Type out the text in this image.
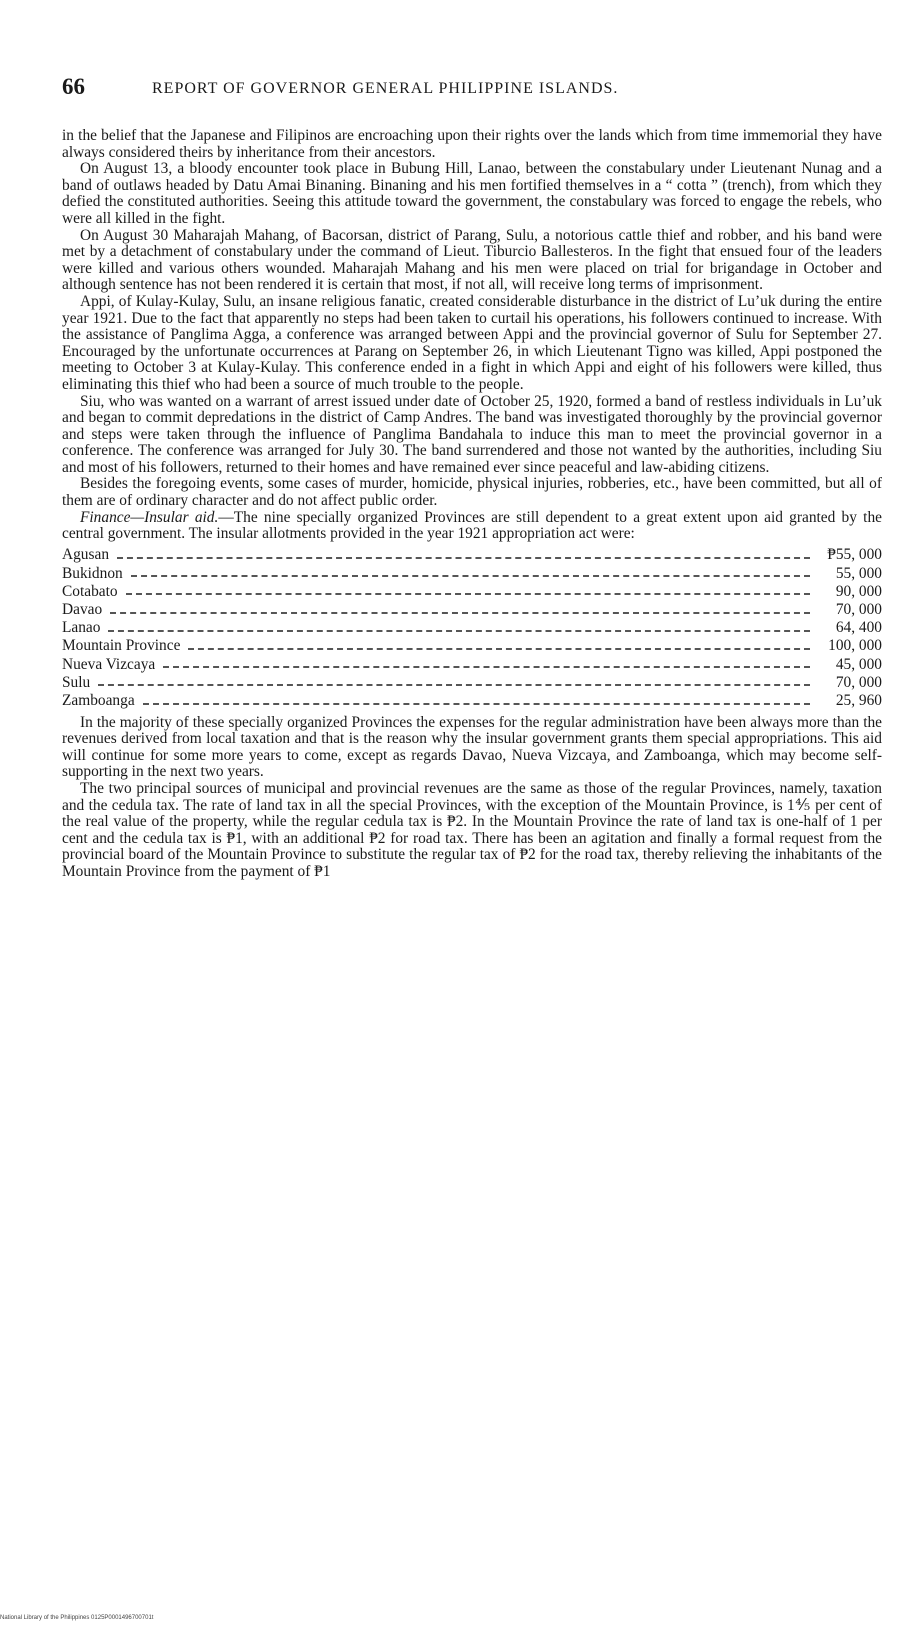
66	REPORT OF GOVERNOR GENERAL PHILIPPINE ISLANDS.

in the belief that the Japanese and Filipinos are encroaching upon their rights over the lands which from time immemorial they have always considered theirs by inheritance from their ancestors.

On August 13, a bloody encounter took place in Bubung Hill, Lanao, between the constabulary under Lieutenant Nunag and a band of outlaws headed by Datu Amai Binaning. Binaning and his men fortified themselves in a “ cotta ” (trench), from which they defied the constituted authorities. Seeing this attitude toward the government, the constabulary was forced to engage the rebels, who were all killed in the fight.

On August 30 Maharajah Mahang, of Bacorsan, district of Parang, Sulu, a notorious cattle thief and robber, and his band were met by a detachment of constabulary under the command of Lieut. Tiburcio Ballesteros. In the fight that ensued four of the leaders were killed and various others wounded. Maharajah Mahang and his men were placed on trial for brigandage in October and although sentence has not been rendered it is certain that most, if not all, will receive long terms of imprisonment.

Appi, of Kulay-Kulay, Sulu, an insane religious fanatic, created considerable disturbance in the district of Lu’uk during the entire year 1921. Due to the fact that apparently no steps had been taken to curtail his operations, his followers continued to increase. With the assistance of Panglima Agga, a conference was arranged between Appi and the provincial governor of Sulu for September 27. Encouraged by the unfortunate occurrences at Parang on September 26, in which Lieutenant Tigno was killed, Appi postponed the meeting to October 3 at Kulay-Kulay. This conference ended in a fight in which Appi and eight of his followers were killed, thus eliminating this thief who had been a source of much trouble to the people.

Siu, who was wanted on a warrant of arrest issued under date of October 25, 1920, formed a band of restless individuals in Lu’uk and began to commit depredations in the district of Camp Andres. The band was investigated thoroughly by the provincial governor and steps were taken through the influence of Panglima Bandahala to induce this man to meet the provincial governor in a conference. The conference was arranged for July 30. The band surrendered and those not wanted by the authorities, including Siu and most of his followers, returned to their homes and have remained ever since peaceful and law-abiding citizens.

Besides the foregoing events, some cases of murder, homicide, physical injuries, robberies, etc., have been committed, but all of them are of ordinary character and do not affect public order.

Finance—Insular aid.—The nine specially organized Provinces are still dependent to a great extent upon aid granted by the central government. The insular allotments provided in the year 1921 appropriation act were:

Agusan	₱55, 000
Bukidnon	55, 000
Cotabato	90, 000
Davao	70, 000
Lanao	64, 400
Mountain Province	100, 000
Nueva Vizcaya	45, 000
Sulu	70, 000
Zamboanga	25, 960

In the majority of these specially organized Provinces the expenses for the regular administration have been always more than the revenues derived from local taxation and that is the reason why the insular government grants them special appropriations. This aid will continue for some more years to come, except as regards Davao, Nueva Vizcaya, and Zamboanga, which may become self-supporting in the next two years.

The two principal sources of municipal and provincial revenues are the same as those of the regular Provinces, namely, taxation and the cedula tax. The rate of land tax in all the special Provinces, with the exception of the Mountain Province, is 1⅘ per cent of the real value of the property, while the regular cedula tax is ₱2. In the Mountain Province the rate of land tax is one-half of 1 per cent and the cedula tax is ₱1, with an additional ₱2 for road tax. There has been an agitation and finally a formal request from the provincial board of the Mountain Province to substitute the regular tax of ₱2 for the road tax, thereby relieving the inhabitants of the Mountain Province from the payment of ₱1

National Library of the Philippines 0125P0001496700701t
